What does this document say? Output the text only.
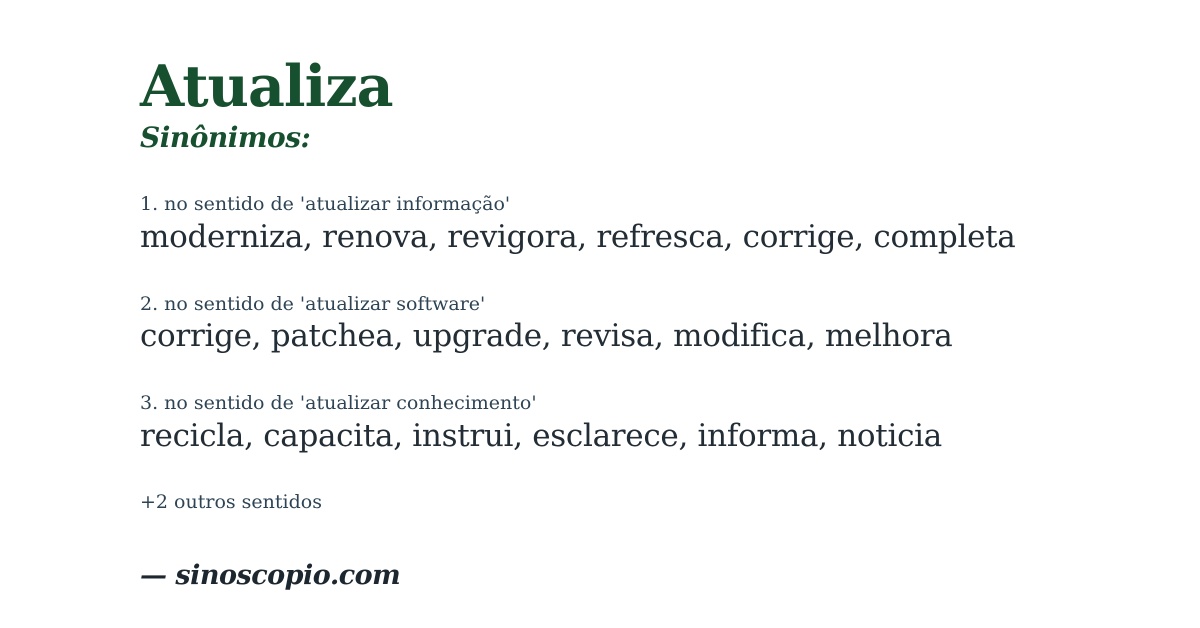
Atualiza
Sinônimos:
1. no sentido de 'atualizar informação'
moderniza, renova, revigora, refresca, corrige, completa
2. no sentido de 'atualizar software'
corrige, patchea, upgrade, revisa, modifica, melhora
3. no sentido de 'atualizar conhecimento'
recicla, capacita, instrui, esclarece, informa, noticia
+2 outros sentidos
— sinoscopio.com
